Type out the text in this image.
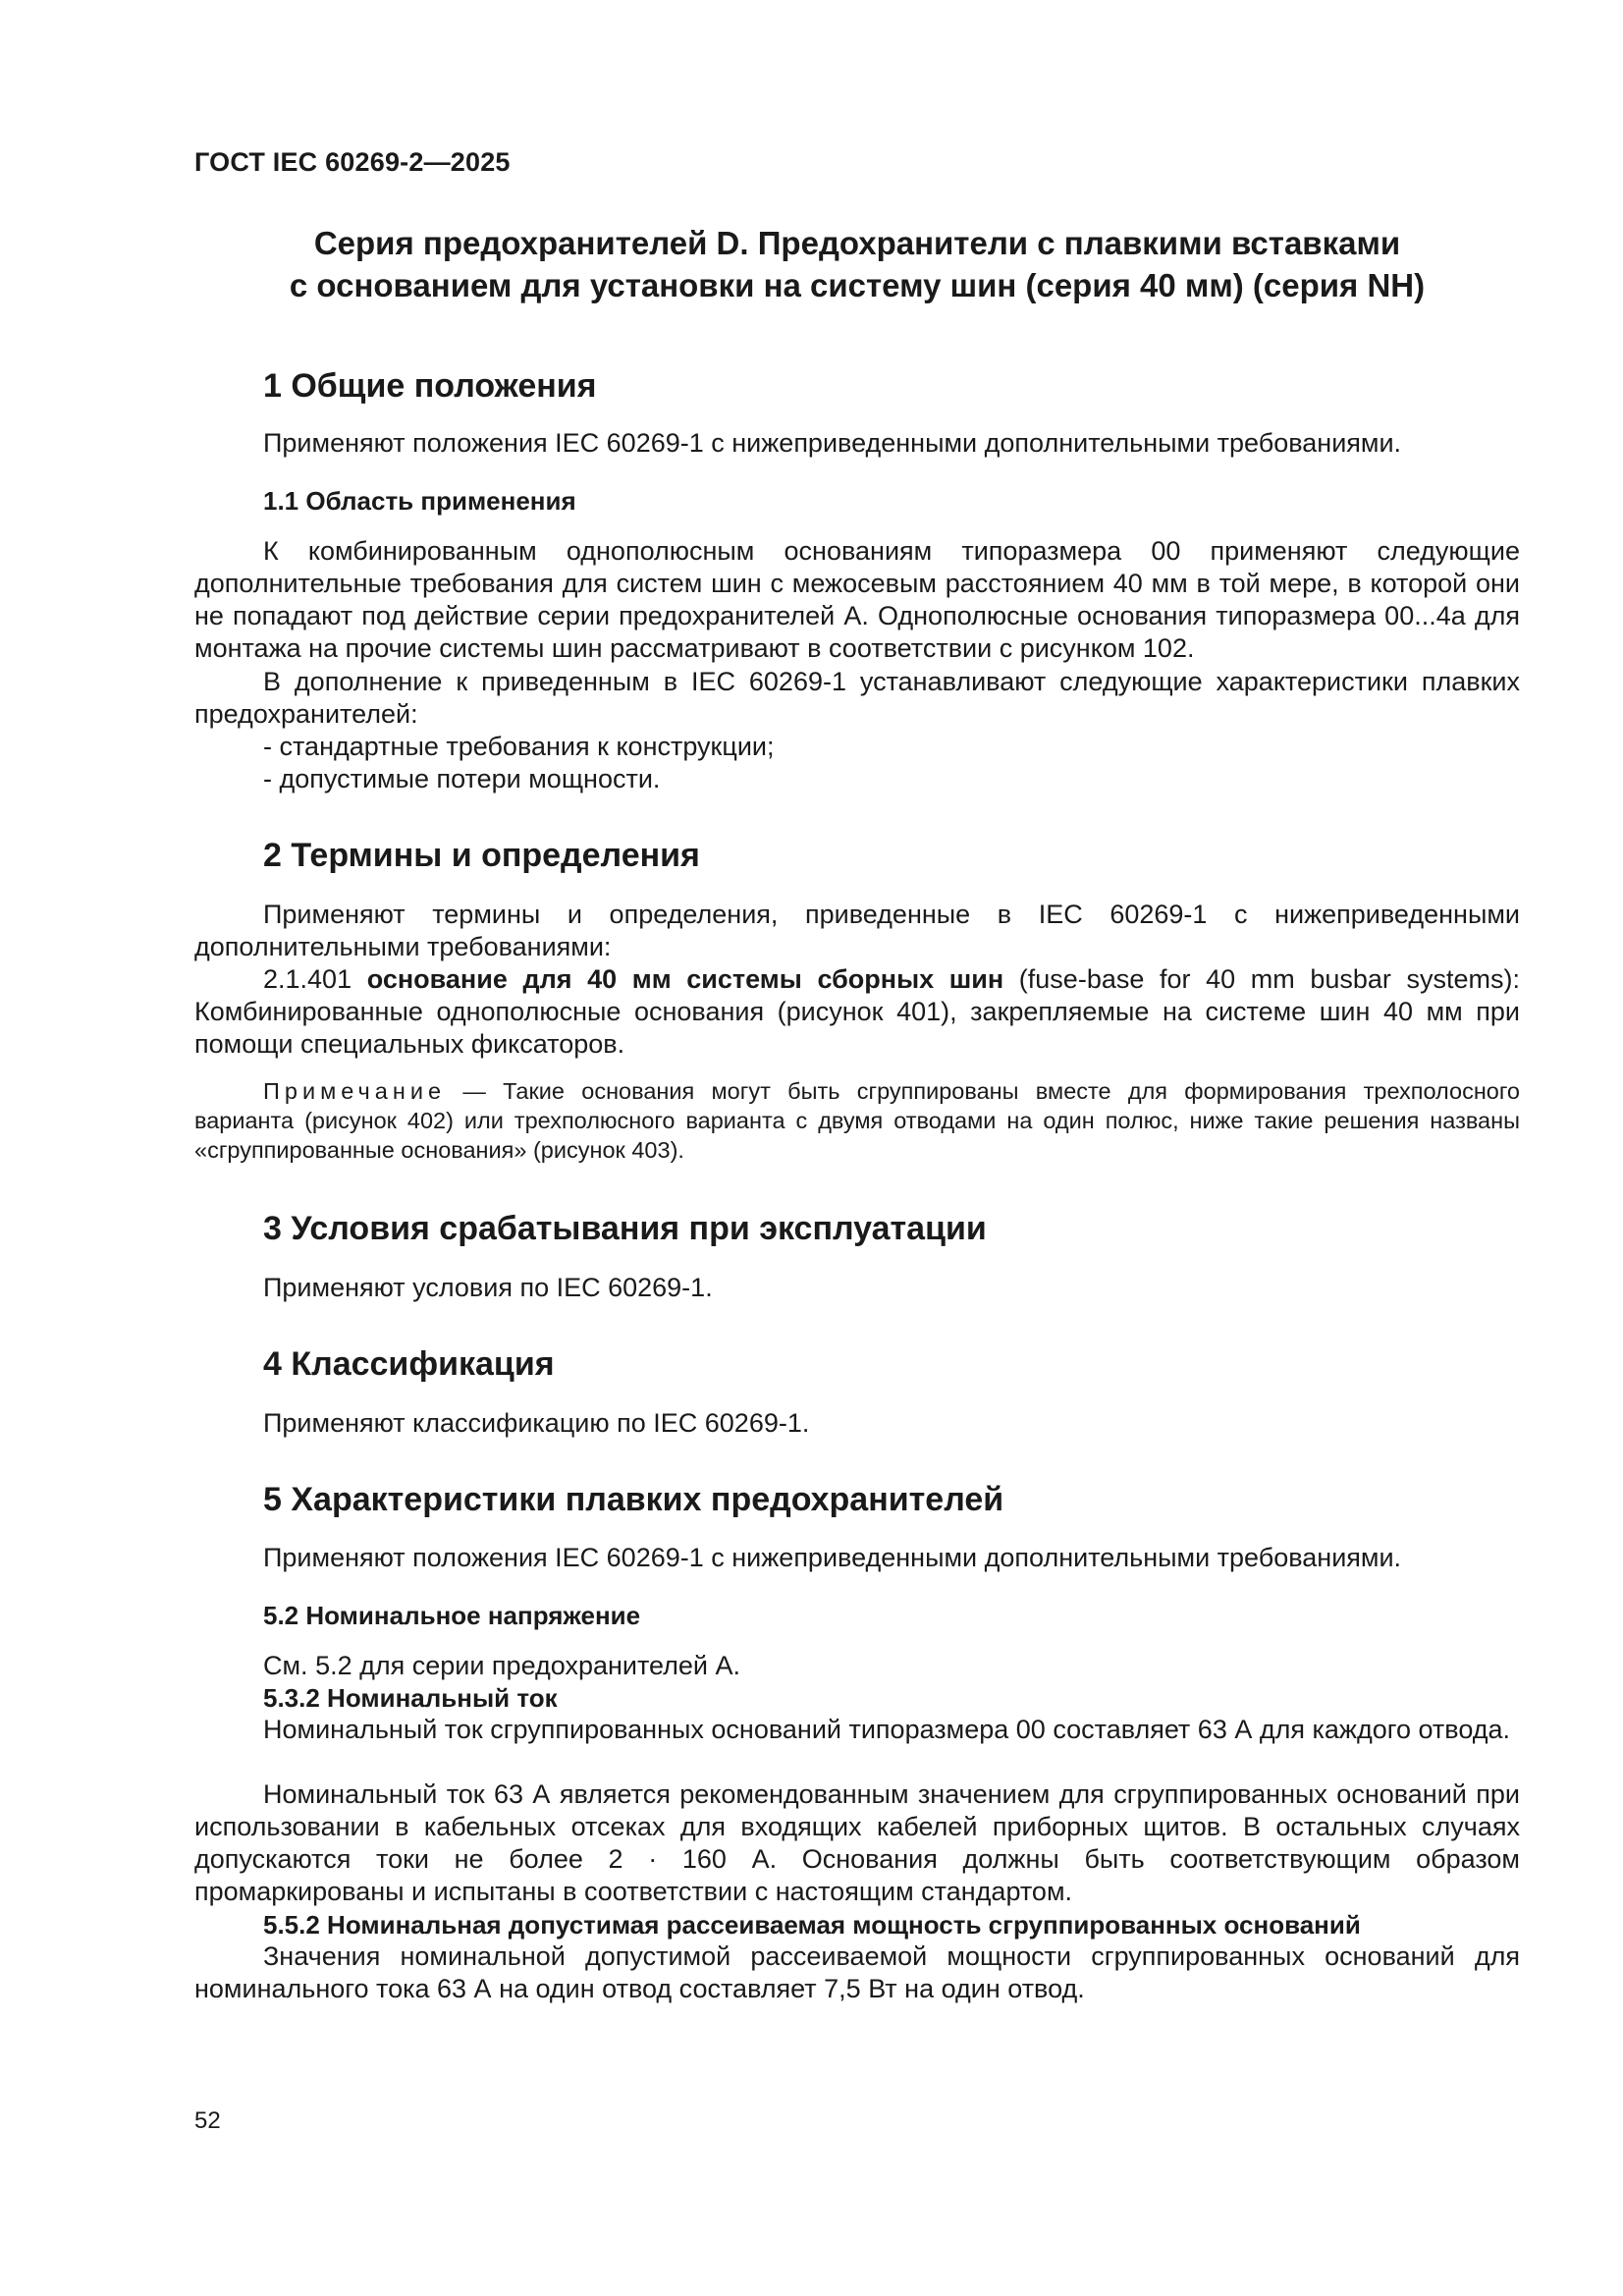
ГОСТ IEC 60269-2—2025

Серия предохранителей D. Предохранители с плавкими вставками

с основанием для установки на систему шин (серия 40 мм) (серия NH)

1 Общие положения
Применяют положения IEC 60269-1 с нижеприведенными дополнительными требованиями.
1.1 Область применения
К комбинированным однополюсным основаниям типоразмера 00 применяют следующие дополнительные требования для систем шин с межосевым расстоянием 40 мм в той мере, в которой они не попадают под действие серии предохранителей A. Однополюсные основания типоразмера 00...4a для монтажа на прочие системы шин рассматривают в соответствии с рисунком 102.
В дополнение к приведенным в IEC 60269-1 устанавливают следующие характеристики плавких предохранителей:
- стандартные требования к конструкции;
- допустимые потери мощности.
2 Термины и определения
Применяют термины и определения, приведенные в IEC 60269-1 с нижеприведенными дополнительными требованиями:
2.1.401 основание для 40 мм системы сборных шин (fuse-base for 40 mm busbar systems): Комбинированные однополюсные основания (рисунок 401), закрепляемые на системе шин 40 мм при помощи специальных фиксаторов.
Примечание — Такие основания могут быть сгруппированы вместе для формирования трехполосного варианта (рисунок 402) или трехполюсного варианта с двумя отводами на один полюс, ниже такие решения названы «сгруппированные основания» (рисунок 403).
3 Условия срабатывания при эксплуатации
Применяют условия по IEC 60269-1.
4 Классификация
Применяют классификацию по IEC 60269-1.
5 Характеристики плавких предохранителей
Применяют положения IEC 60269-1 с нижеприведенными дополнительными требованиями.
5.2 Номинальное напряжение
См. 5.2 для серии предохранителей A.
5.3.2 Номинальный ток
Номинальный ток сгруппированных оснований типоразмера 00 составляет 63 А для каждого отвода.
Номинальный ток 63 А является рекомендованным значением для сгруппированных оснований при использовании в кабельных отсеках для входящих кабелей приборных щитов. В остальных случаях допускаются токи не более 2 · 160 А. Основания должны быть соответствующим образом промаркированы и испытаны в соответствии с настоящим стандартом.
5.5.2 Номинальная допустимая рассеиваемая мощность сгруппированных оснований
Значения номинальной допустимой рассеиваемой мощности сгруппированных оснований для номинального тока 63 А на один отвод составляет 7,5 Вт на один отвод.
52
